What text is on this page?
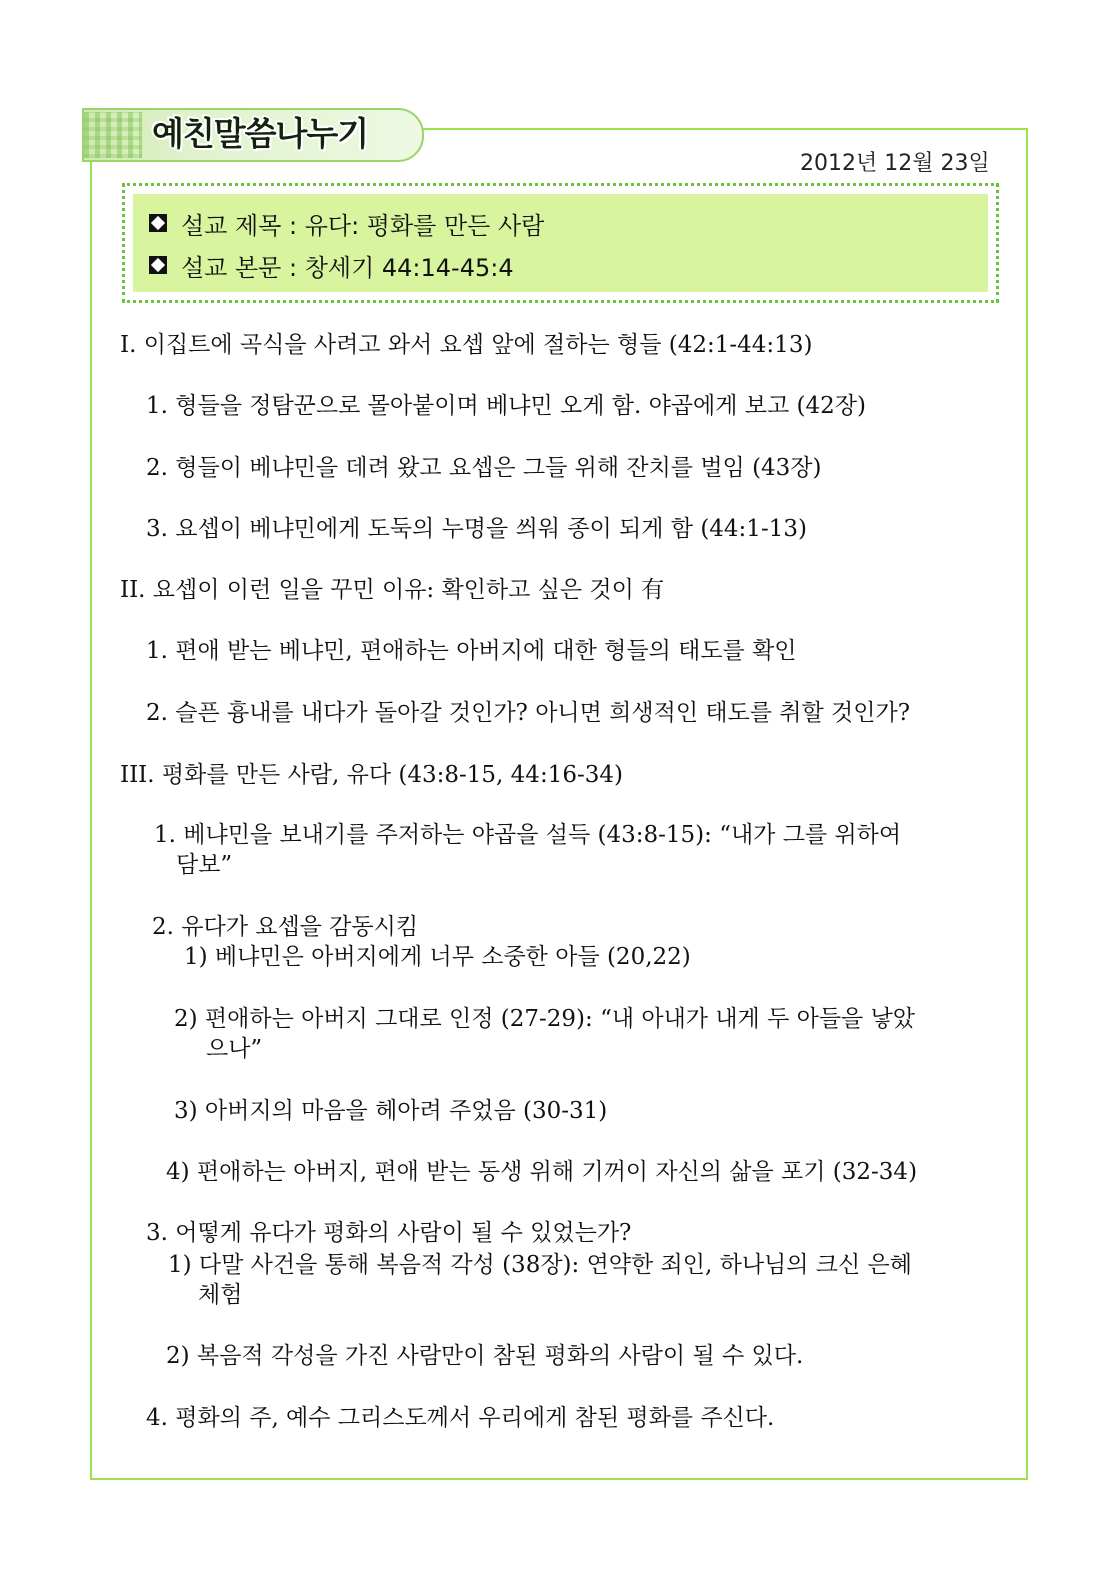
예친말씀나누기
2012년 12월 23일
설교 제목 : 유다: 평화를 만든 사람
설교 본문 : 창세기 44:14-45:4
I. 이집트에 곡식을 사려고 와서 요셉 앞에 절하는 형들 (42:1-44:13)
1. 형들을 정탐꾼으로 몰아붙이며 베냐민 오게 함. 야곱에게 보고 (42장)
2. 형들이 베냐민을 데려 왔고 요셉은 그들 위해 잔치를 벌임 (43장)
3. 요셉이 베냐민에게 도둑의 누명을 씌워 종이 되게 함 (44:1-13)
II. 요셉이 이런 일을 꾸민 이유: 확인하고 싶은 것이 有
1. 편애 받는 베냐민, 편애하는 아버지에 대한 형들의 태도를 확인
2. 슬픈 흉내를 내다가 돌아갈 것인가? 아니면 희생적인 태도를 취할 것인가?
III. 평화를 만든 사람, 유다 (43:8-15, 44:16-34)
1. 베냐민을 보내기를 주저하는 야곱을 설득 (43:8-15): “내가 그를 위하여
담보”
2. 유다가 요셉을 감동시킴
1) 베냐민은 아버지에게 너무 소중한 아들 (20,22)
2) 편애하는 아버지 그대로 인정 (27-29): “내 아내가 내게 두 아들을 낳았
으나”
3) 아버지의 마음을 헤아려 주었음 (30-31)
4) 편애하는 아버지, 편애 받는 동생 위해 기꺼이 자신의 삶을 포기 (32-34)
3. 어떻게 유다가 평화의 사람이 될 수 있었는가?
1) 다말 사건을 통해 복음적 각성 (38장): 연약한 죄인, 하나님의 크신 은혜
체험
2) 복음적 각성을 가진 사람만이 참된 평화의 사람이 될 수 있다.
4. 평화의 주, 예수 그리스도께서 우리에게 참된 평화를 주신다.
